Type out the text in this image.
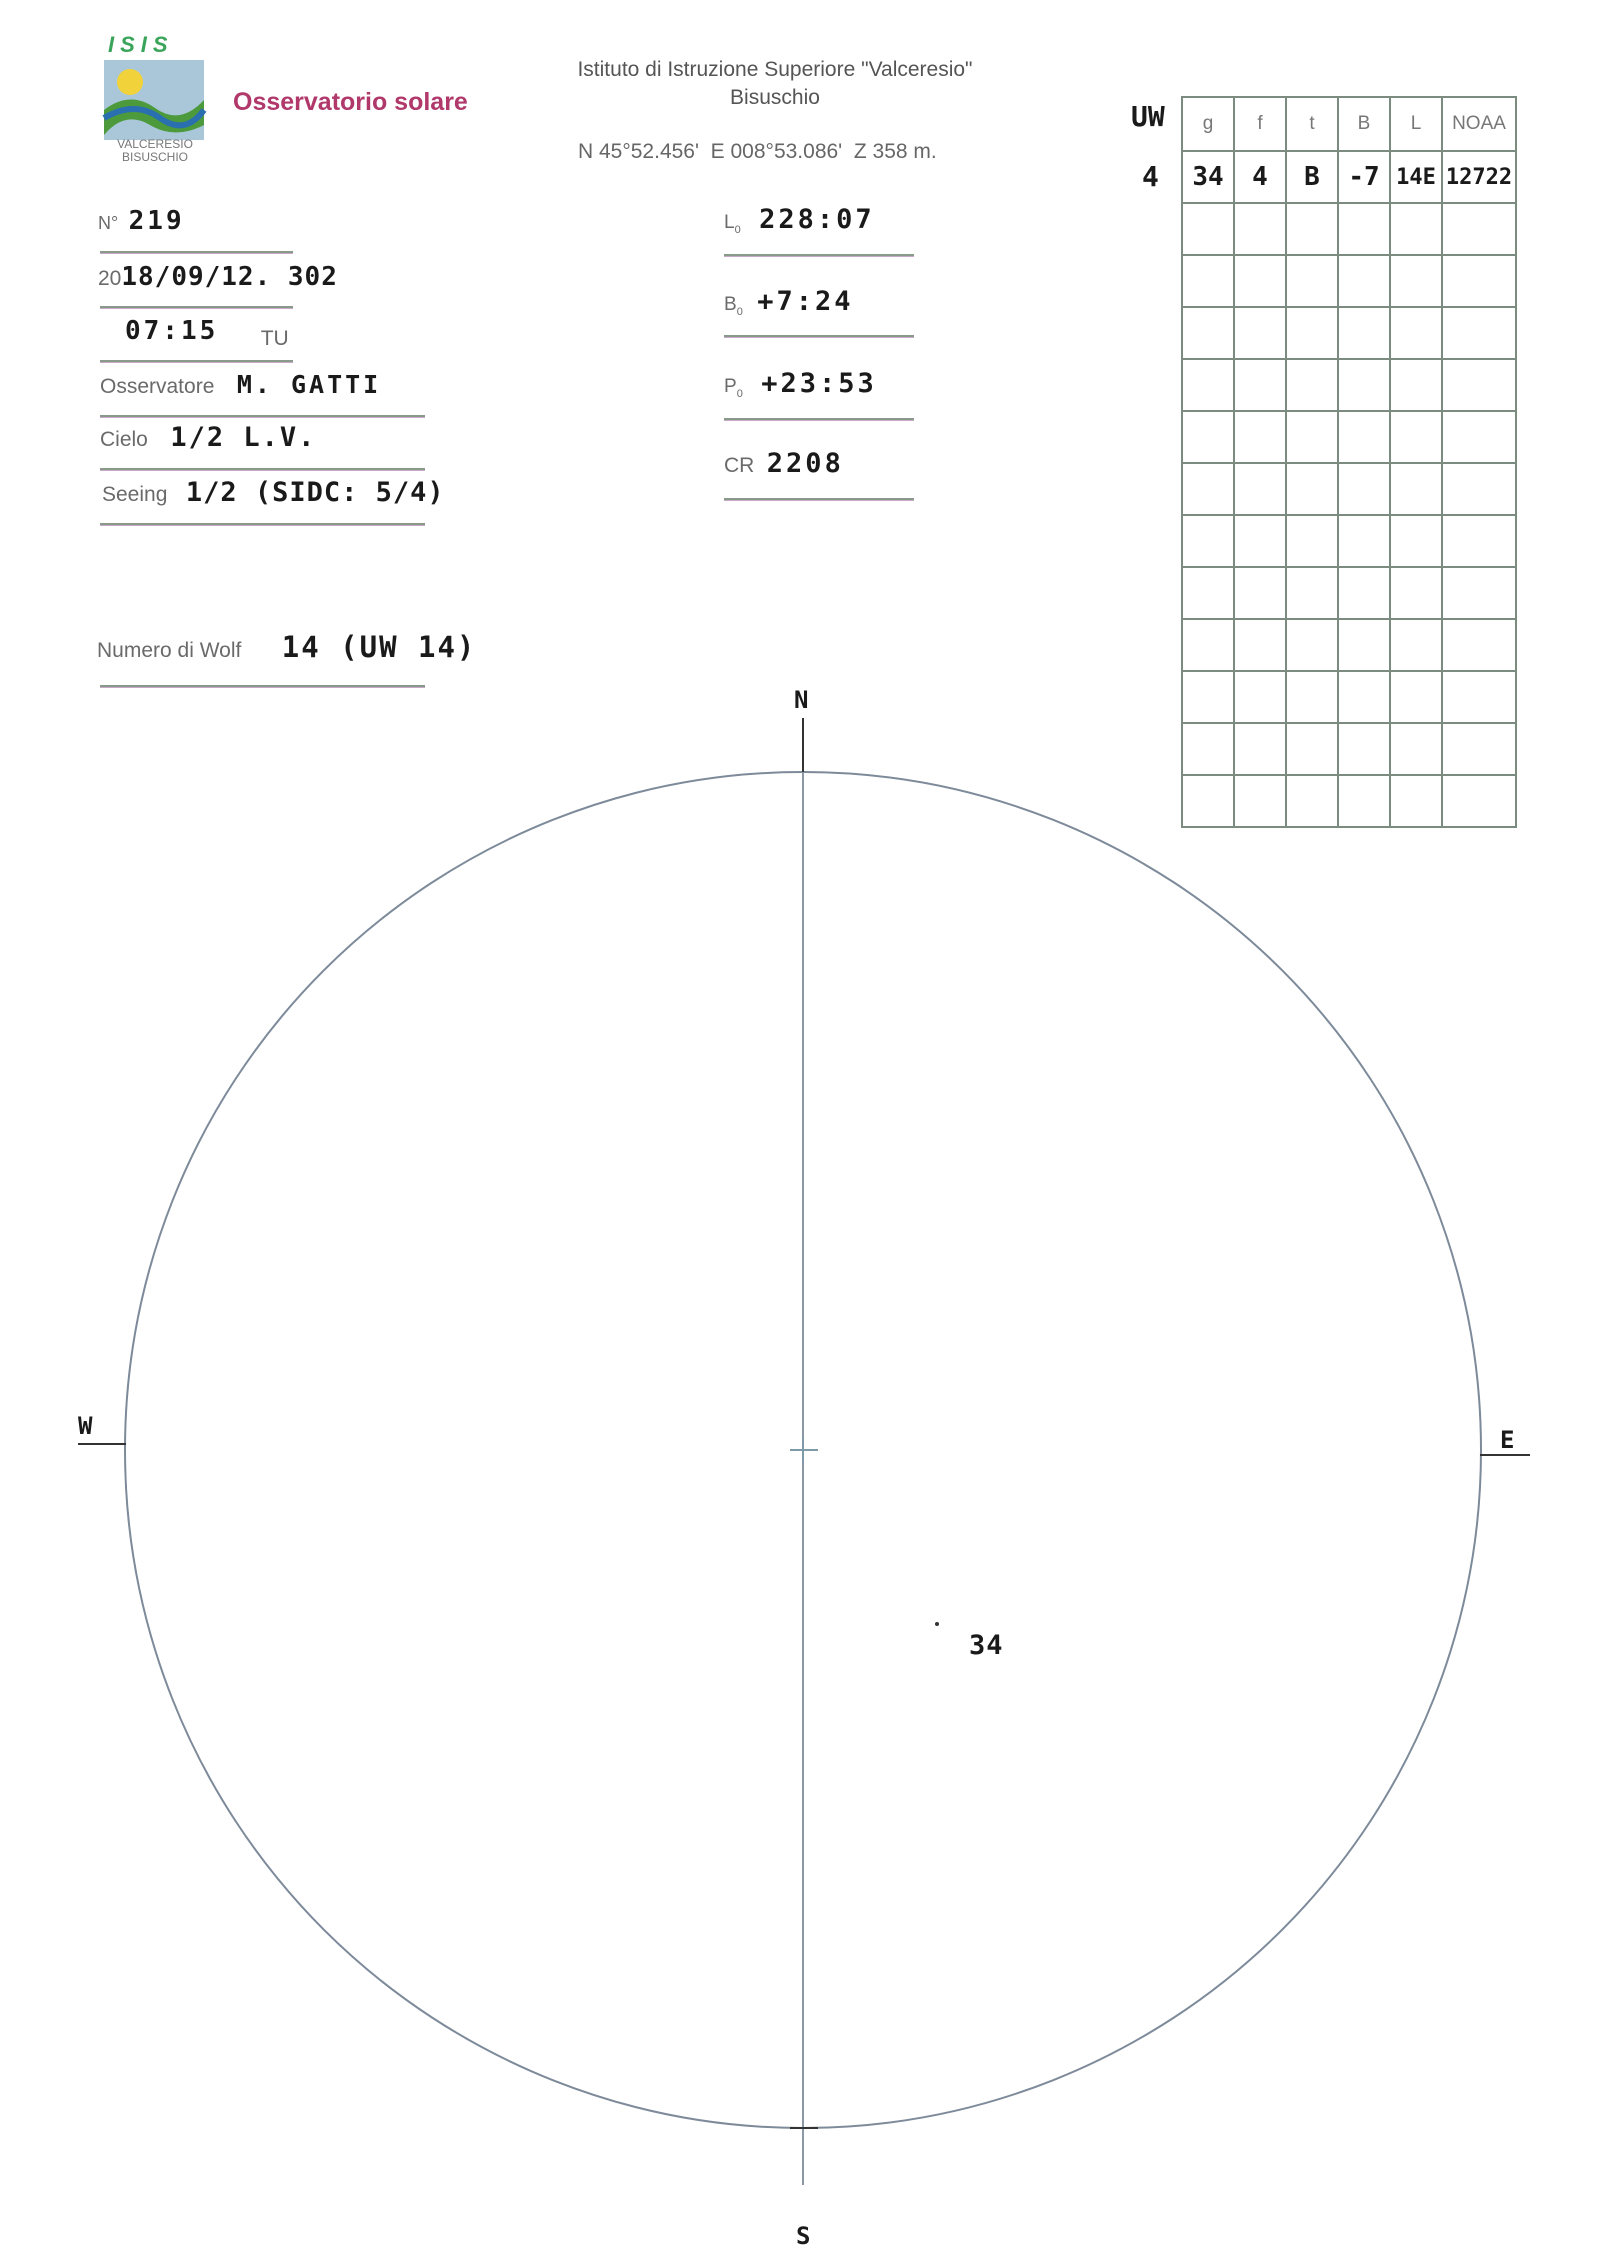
ISIS
VALCERESIO BISUSCHIO
Osservatorio solare
Istituto di Istruzione Superiore "Valceresio"
Bisuschio
N 45°52.456'  E 008°53.086'  Z 358 m.
N° 219
2018/09/12. 302
07:15 TU
Osservatore M. GATTI
Cielo 1/2 L.V.
Seeing 1/2 (SIDC: 5/4)
Numero di Wolf 14 (UW 14)
$L_0$ 228:07
$B_0$ +7:24
$P_0$ +23:53
CR 2208
UW
4
g	f	t	B	L	NOAA
34	4	B	-7	14E	12722

N
S
W	E
34
